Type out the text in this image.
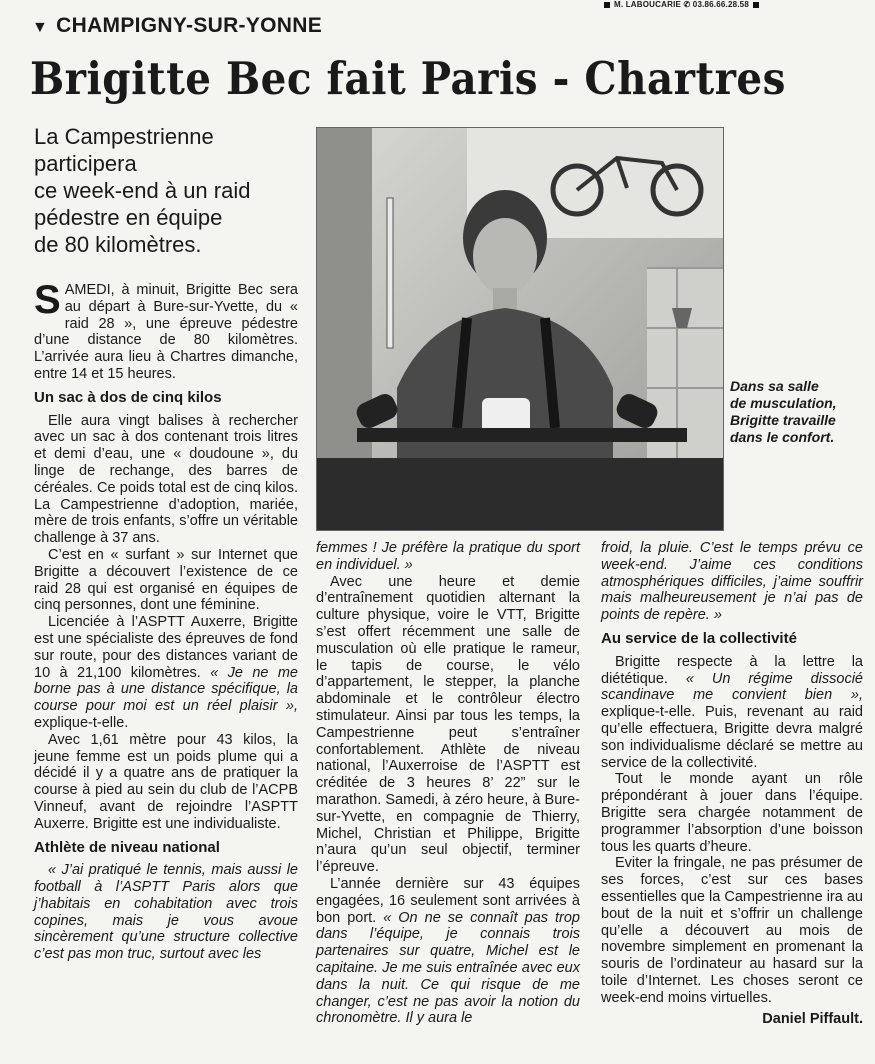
M. LABOUCARIE ✆ 03.86.66.28.58
▼ CHAMPIGNY-SUR-YONNE
Brigitte Bec fait Paris - Chartres

La Campestrienne

participera

ce week-end à un raid

pédestre en équipe

de 80 kilomètres.

Dans sa salle

de musculation,

Brigitte travaille

dans le confort.

SAMEDI, à minuit, Brigitte Bec sera au départ à Bure-sur-Yvette, du « raid 28 », une épreuve pédestre d’une distance de 80 kilomètres. L’arrivée aura lieu à Chartres dimanche, entre 14 et 15 heures.

Un sac à dos de cinq kilos

Elle aura vingt balises à rechercher avec un sac à dos contenant trois litres et demi d’eau, une « doudoune », du linge de rechange, des barres de céréales. Ce poids total est de cinq kilos. La Campestrienne d’adoption, mariée, mère de trois enfants, s’offre un véritable challenge à 37 ans.

C’est en « surfant » sur Internet que Brigitte a découvert l’existence de ce raid 28 qui est organisé en équipes de cinq personnes, dont une féminine.

Licenciée à l’ASPTT Auxerre, Brigitte est une spécialiste des épreuves de fond sur route, pour des distances variant de 10 à 21,100 kilomètres. « Je ne me borne pas à une distance spécifique, la course pour moi est un réel plaisir », explique-t-elle.

Avec 1,61 mètre pour 43 kilos, la jeune femme est un poids plume qui a décidé il y a quatre ans de pratiquer la course à pied au sein du club de l’ACPB Vinneuf, avant de rejoindre l’ASPTT Auxerre. Brigitte est une individualiste.

Athlète de niveau national

« J’ai pratiqué le tennis, mais aussi le football à l’ASPTT Paris alors que j’habitais en cohabitation avec trois copines, mais je vous avoue sincèrement qu’une structure collective c’est pas mon truc, surtout avec les

femmes ! Je préfère la pratique du sport en individuel. »

Avec une heure et demie d’entraînement quotidien alternant la culture physique, voire le VTT, Brigitte s’est offert récemment une salle de musculation où elle pratique le rameur, le tapis de course, le vélo d’appartement, le stepper, la planche abdominale et le contrôleur électro stimulateur. Ainsi par tous les temps, la Campestrienne peut s’entraîner confortablement. Athlète de niveau national, l’Auxerroise de l’ASPTT est créditée de 3 heures 8’ 22” sur le marathon. Samedi, à zéro heure, à Bure-sur-Yvette, en compagnie de Thierry, Michel, Christian et Philippe, Brigitte n’aura qu’un seul objectif, terminer l’épreuve.

L’année dernière sur 43 équipes engagées, 16 seulement sont arrivées à bon port. « On ne se connaît pas trop dans l’équipe, je connais trois partenaires sur quatre, Michel est le capitaine. Je me suis entraînée avec eux dans la nuit. Ce qui risque de me changer, c’est ne pas avoir la notion du chronomètre. Il y aura le

froid, la pluie. C’est le temps prévu ce week-end. J’aime ces conditions atmosphériques difficiles, j’aime souffrir mais malheureusement je n’ai pas de points de repère. »

Au service de la collectivité

Brigitte respecte à la lettre la diététique. « Un régime dissocié scandinave me convient bien », explique-t-elle. Puis, revenant au raid qu’elle effectuera, Brigitte devra malgré son individualisme déclaré se mettre au service de la collectivité.

Tout le monde ayant un rôle prépondérant à jouer dans l’équipe. Brigitte sera chargée notamment de programmer l’absorption d’une boisson tous les quarts d’heure.

Eviter la fringale, ne pas présumer de ses forces, c’est sur ces bases essentielles que la Campestrienne ira au bout de la nuit et s’offrir un challenge qu’elle a découvert au mois de novembre simplement en promenant la souris de l’ordinateur au hasard sur la toile d’Internet. Les choses seront ce week-end moins virtuelles.

Daniel Piffault.
